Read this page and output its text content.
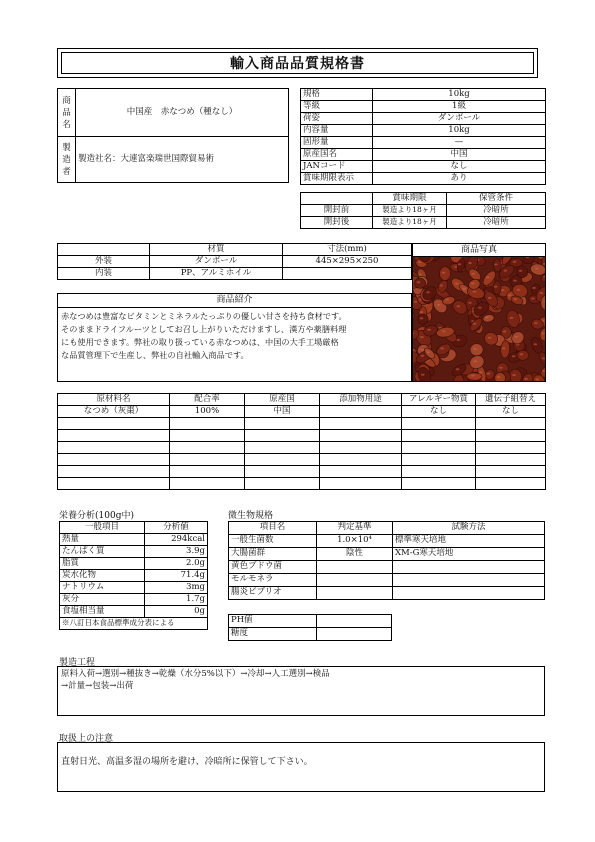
輸入商品品質規格書
商品名	中国産　赤なつめ（種なし）
製造者	製造社名：大連富楽瑞世国際貿易術
規格	10kg
等級	1級
荷姿	ダンボール
内容量	10kg
固形量	—
原産国名	中国
JANコード	なし
賞味期限表示	あり
	賞味期限	保管条件
開封前	製造より18ヶ月	冷暗所
開封後	製造より18ヶ月	冷暗所
	材質	寸法(mm)
外装	ダンボール	445×295×250
内装	PP、アルミホイル	
商品写真
商品紹介
赤なつめは豊富なビタミンとミネラルたっぷりの優しい甘さを持ち食材です。
そのままドライフルーツとしてお召し上がりいただけますし、漢方や薬膳料理
にも使用できます。弊社の取り扱っている赤なつめは、中国の大手工場厳格
な品質管理下で生産し、弊社の自社輸入商品です。
原材料名	配合率	原産国	添加物用途	アレルギー物質	遺伝子組替え
なつめ（灰棗）	100%	中国		なし	なし

栄養分析(100g中)
一般項目	分析値
熱量	294kcal
たんぱく質	3.9g
脂質	2.0g
炭水化物	71.4g
ナトリウム	3mg
灰分	1.7g
食塩相当量	0g
※八訂日本食品標準成分表による	
微生物規格
項目名	判定基準	試験方法
一般生菌数	1.0×10⁴	標準寒天培地
大腸菌群	陰性	XM-G寒天培地
黄色ブドウ菌		
モルモネラ		
腸炎ビブリオ		
PH値	
糖度	
製造工程
原料入荷→選別→種抜き→乾燥（水分5%以下）→冷却→人工選別→検品
→計量→包装→出荷
取扱上の注意
直射日光、高温多湿の場所を避け、冷暗所に保管して下さい。
